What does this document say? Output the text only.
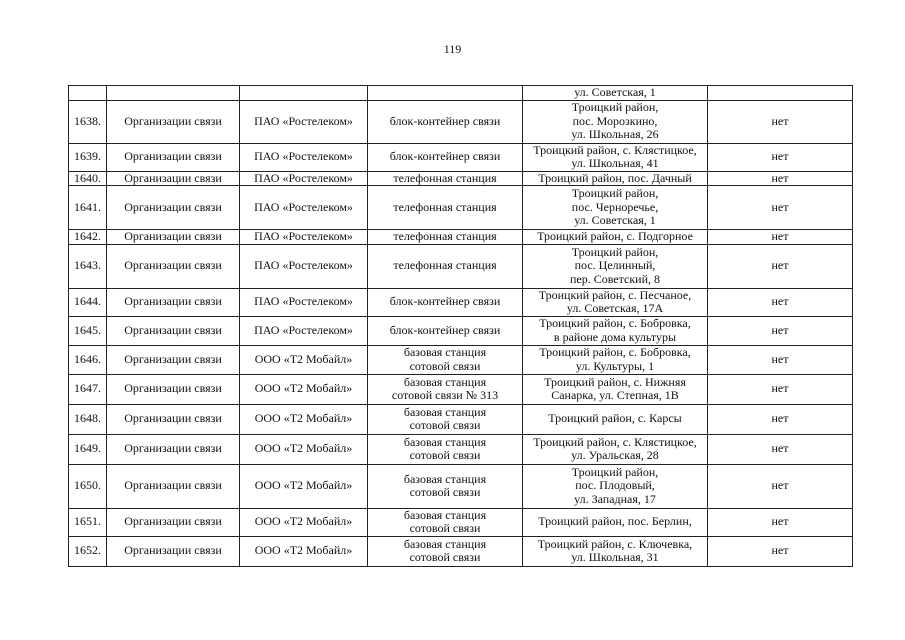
119

				ул. Советская, 1	

1638.	Организации связи	ПАО «Ростелеком»	блок-контейнер связи	Троицкий район,
пос. Морозкино,
ул. Школьная, 26	нет
1639.	Организации связи	ПАО «Ростелеком»	блок-контейнер связи	Троицкий район, с. Клястицкое,
ул. Школьная, 41	нет
1640.	Организации связи	ПАО «Ростелеком»	телефонная станция	Троицкий район, пос. Дачный	нет
1641.	Организации связи	ПАО «Ростелеком»	телефонная станция	Троицкий район,
пос. Черноречье,
ул. Советская, 1	нет
1642.	Организации связи	ПАО «Ростелеком»	телефонная станция	Троицкий район, с. Подгорное	нет
1643.	Организации связи	ПАО «Ростелеком»	телефонная станция	Троицкий район,
пос. Целинный,
пер. Советский, 8	нет
1644.	Организации связи	ПАО «Ростелеком»	блок-контейнер связи	Троицкий район, с. Песчаное,
ул. Советская, 17А	нет
1645.	Организации связи	ПАО «Ростелеком»	блок-контейнер связи	Троицкий район, с. Бобровка,
в районе дома культуры	нет
1646.	Организации связи	ООО «Т2 Мобайл»	базовая станция
сотовой связи	Троицкий район, с. Бобровка,
ул. Культуры, 1	нет
1647.	Организации связи	ООО «Т2 Мобайл»	базовая станция
сотовой связи № 313	Троицкий район, с. Нижняя
Санарка, ул. Степная, 1В	нет
1648.	Организации связи	ООО «Т2 Мобайл»	базовая станция
сотовой связи	Троицкий район, с. Карсы	нет
1649.	Организации связи	ООО «Т2 Мобайл»	базовая станция
сотовой связи	Троицкий район, с. Клястицкое,
ул. Уральская, 28	нет
1650.	Организации связи	ООО «Т2 Мобайл»	базовая станция
сотовой связи	Троицкий район,
пос. Плодовый,
ул. Западная, 17	нет
1651.	Организации связи	ООО «Т2 Мобайл»	базовая станция
сотовой связи	Троицкий район, пос. Берлин,	нет
1652.	Организации связи	ООО «Т2 Мобайл»	базовая станция
сотовой связи	Троицкий район, с. Ключевка,
ул. Школьная, 31	нет
